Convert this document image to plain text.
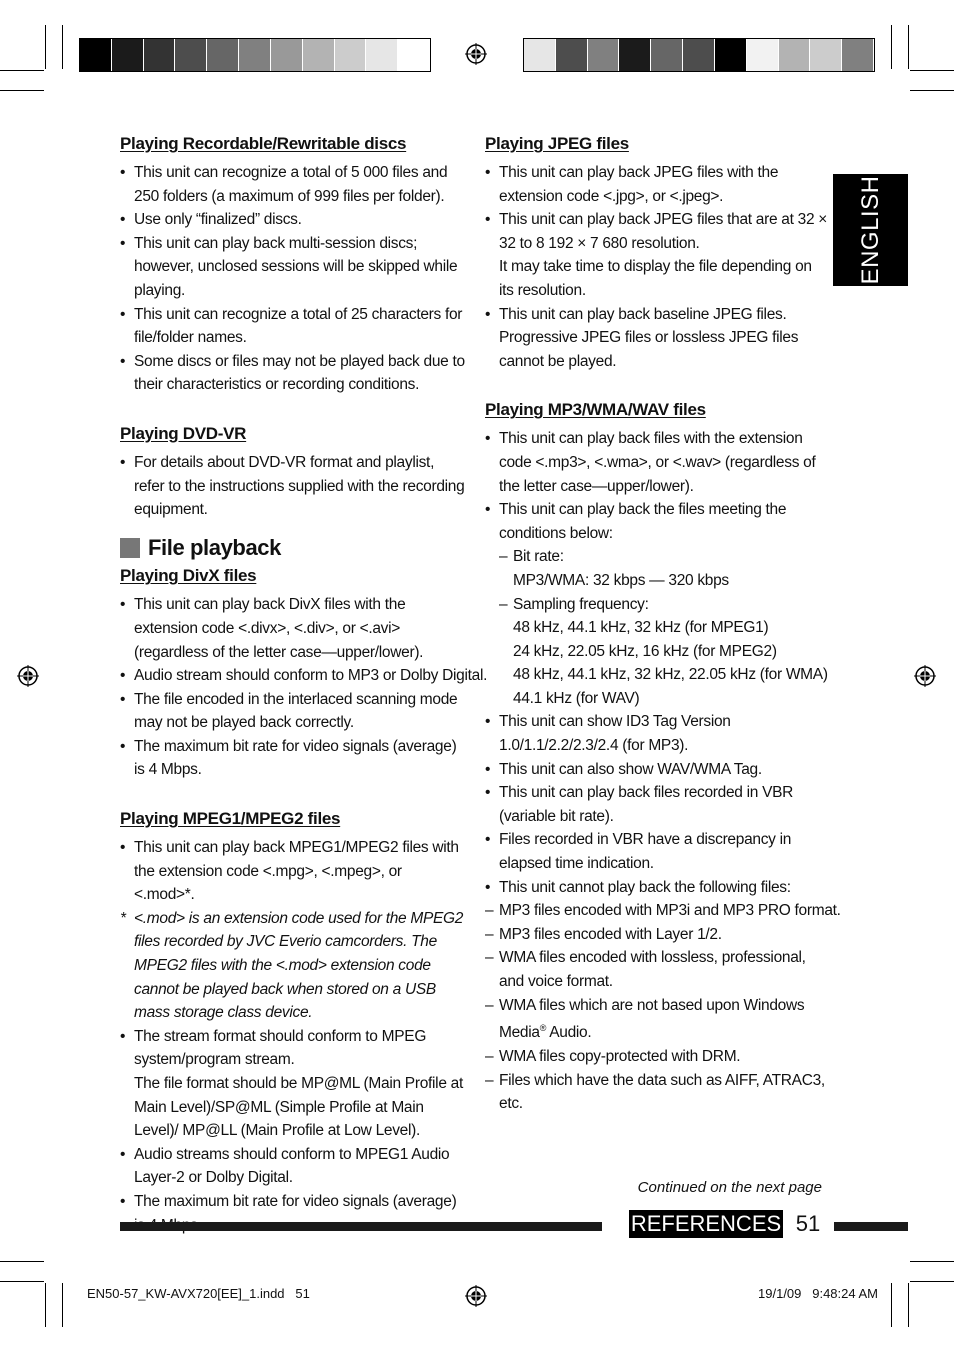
ENGLISH
Playing Recordable/Rewritable discs
• This unit can recognize a total of 5 000 files and 250 folders (a maximum of 999 files per folder).
• Use only “finalized” discs.
• This unit can play back multi-session discs; however, unclosed sessions will be skipped while playing.
• This unit can recognize a total of 25 characters for file/folder names.
• Some discs or files may not be played back due to their characteristics or recording conditions.
Playing DVD-VR
• For details about DVD-VR format and playlist, refer to the instructions supplied with the recording equipment.
File playback
Playing DivX files
• This unit can play back DivX files with the extension code <.divx>, <.div>, or <.avi> (regardless of the letter case—upper/lower).
• Audio stream should conform to MP3 or Dolby Digital.
• The file encoded in the interlaced scanning mode may not be played back correctly.
• The maximum bit rate for video signals (average) is 4 Mbps.
Playing MPEG1/MPEG2 files
• This unit can play back MPEG1/MPEG2 files with the extension code <.mpg>, <.mpeg>, or <.mod>*.
* <.mod> is an extension code used for the MPEG2 files recorded by JVC Everio camcorders. The MPEG2 files with the <.mod> extension code cannot be played back when stored on a USB mass storage class device.
• The stream format should conform to MPEG system/program stream.
The file format should be MP@ML (Main Profile at Main Level)/SP@ML (Simple Profile at Main Level)/ MP@LL (Main Profile at Low Level).
• Audio streams should conform to MPEG1 Audio Layer-2 or Dolby Digital.
• The maximum bit rate for video signals (average)
Playing JPEG files
• This unit can play back JPEG files with the extension code <.jpg>, or <.jpeg>.
• This unit can play back JPEG files that are at 32 × 32 to 8 192 × 7 680 resolution.
It may take time to display the file depending on its resolution.
• This unit can play back baseline JPEG files. Progressive JPEG files or lossless JPEG files cannot be played.
Playing MP3/WMA/WAV files
• This unit can play back files with the extension code <.mp3>, <.wma>, or <.wav> (regardless of the letter case—upper/lower).
• This unit can play back the files meeting the conditions below:
– Bit rate:
MP3/WMA: 32 kbps — 320 kbps
– Sampling frequency:
48 kHz, 44.1 kHz, 32 kHz (for MPEG1)
24 kHz, 22.05 kHz, 16 kHz (for MPEG2)
48 kHz, 44.1 kHz, 32 kHz, 22.05 kHz (for WMA)
44.1 kHz (for WAV)
• This unit can show ID3 Tag Version 1.0/1.1/2.2/2.3/2.4 (for MP3).
• This unit can also show WAV/WMA Tag.
• This unit can play back files recorded in VBR (variable bit rate).
• Files recorded in VBR have a discrepancy in elapsed time indication.
• This unit cannot play back the following files:
– MP3 files encoded with MP3i and MP3 PRO format.
– MP3 files encoded with Layer 1/2.
– WMA files encoded with lossless, professional, and voice format.
– WMA files which are not based upon Windows Media® Audio.
– WMA files copy-protected with DRM.
– Files which have the data such as AIFF, ATRAC3, etc.
Continued on the next page
REFERENCES 51
EN50-57_KW-AVX720[EE]_1.indd   51	19/1/09   9:48:24 AM
